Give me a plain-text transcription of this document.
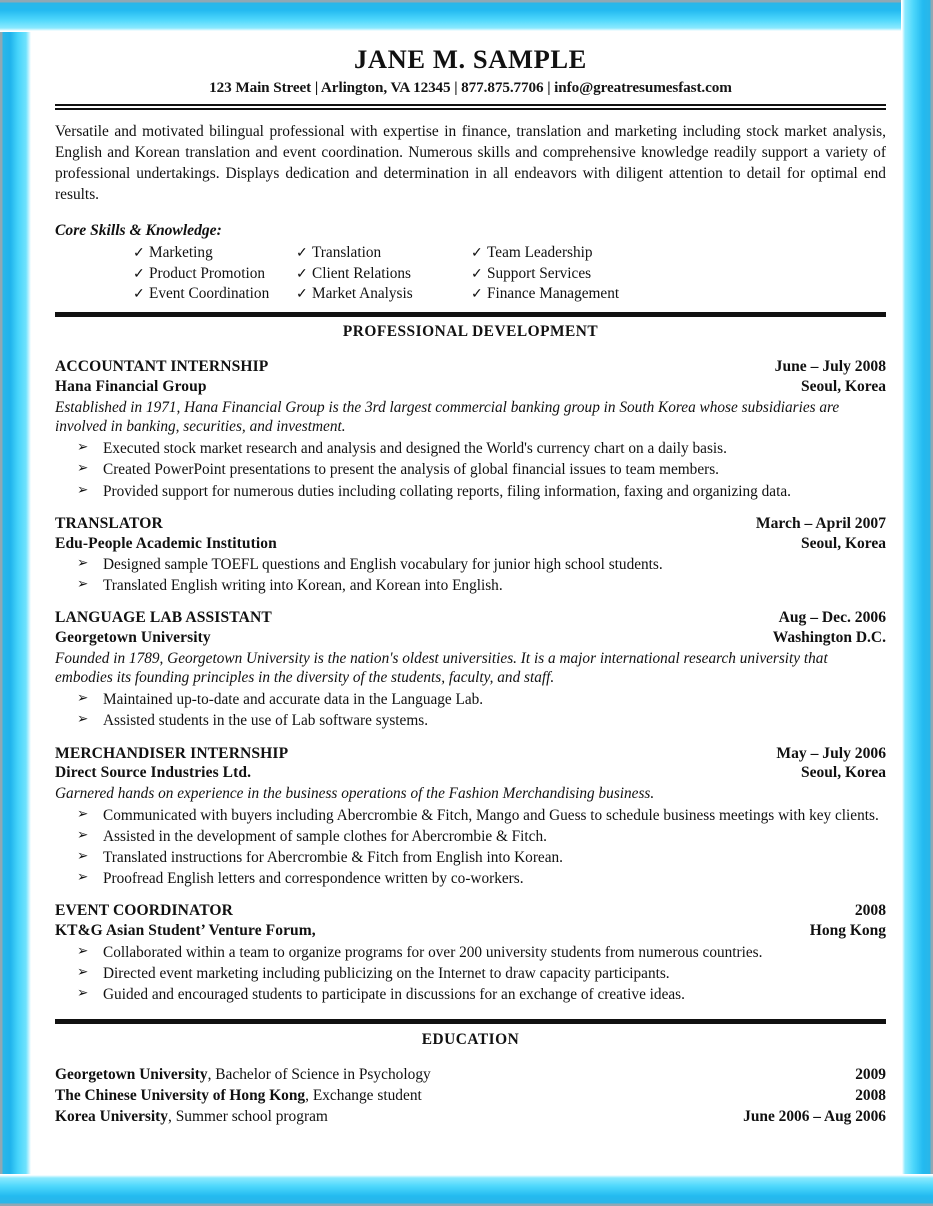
JANE M. SAMPLE
123 Main Street | Arlington, VA 12345 | 877.875.7706 | info@greatresumesfast.com
Versatile and motivated bilingual professional with expertise in finance, translation and marketing including stock market analysis, English and Korean translation and event coordination. Numerous skills and comprehensive knowledge readily support a variety of professional undertakings. Displays dedication and determination in all endeavors with diligent attention to detail for optimal end results.
Core Skills & Knowledge:
✓ Marketing	✓ Translation	✓ Team Leadership
✓ Product Promotion	✓ Client Relations	✓ Support Services
✓ Event Coordination	✓ Market Analysis	✓ Finance Management
PROFESSIONAL DEVELOPMENT
ACCOUNTANT INTERNSHIP	June – July 2008
Hana Financial Group	Seoul, Korea
Established in 1971, Hana Financial Group is the 3rd largest commercial banking group in South Korea whose subsidiaries are involved in banking, securities, and investment.
➢ Executed stock market research and analysis and designed the World's currency chart on a daily basis.
➢ Created PowerPoint presentations to present the analysis of global financial issues to team members.
➢ Provided support for numerous duties including collating reports, filing information, faxing and organizing data.
TRANSLATOR	March – April 2007
Edu-People Academic Institution	Seoul, Korea
➢ Designed sample TOEFL questions and English vocabulary for junior high school students.
➢ Translated English writing into Korean, and Korean into English.
LANGUAGE LAB ASSISTANT	Aug – Dec. 2006
Georgetown University	Washington D.C.
Founded in 1789, Georgetown University is the nation's oldest universities. It is a major international research university that embodies its founding principles in the diversity of the students, faculty, and staff.
➢ Maintained up-to-date and accurate data in the Language Lab.
➢ Assisted students in the use of Lab software systems.
MERCHANDISER INTERNSHIP	May – July 2006
Direct Source Industries Ltd.	Seoul, Korea
Garnered hands on experience in the business operations of the Fashion Merchandising business.
➢ Communicated with buyers including Abercrombie & Fitch, Mango and Guess to schedule business meetings with key clients.
➢ Assisted in the development of sample clothes for Abercrombie & Fitch.
➢ Translated instructions for Abercrombie & Fitch from English into Korean.
➢ Proofread English letters and correspondence written by co-workers.
EVENT COORDINATOR	2008
KT&G Asian Student’ Venture Forum,	Hong Kong
➢ Collaborated within a team to organize programs for over 200 university students from numerous countries.
➢ Directed event marketing including publicizing on the Internet to draw capacity participants.
➢ Guided and encouraged students to participate in discussions for an exchange of creative ideas.
EDUCATION
Georgetown University, Bachelor of Science in Psychology	2009
The Chinese University of Hong Kong, Exchange student	2008
Korea University, Summer school program	June 2006 – Aug 2006
